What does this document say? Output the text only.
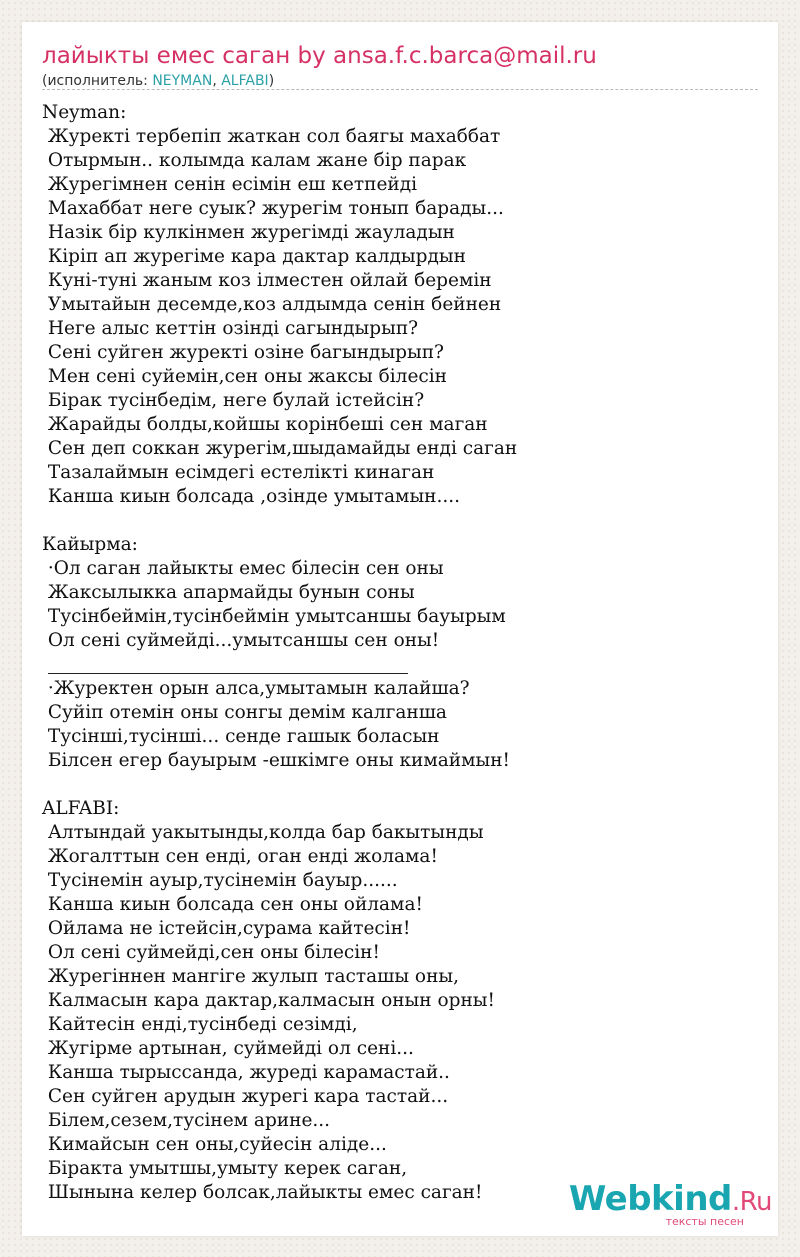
лайыкты емес саган by ansa.f.c.barca@mail.ru
(исполнитель: NEYMAN, ALFABI)
Neyman:
Журекті тербепіп жаткан сол баягы махаббат
Отырмын.. колымда калам жане бір парак
Журегімнен сенін есімін еш кетпейді
Махаббат неге суык? журегім тонып барады...
Назік бір кулкінмен журегімді жауладын
Кіріп ап журегіме кара дактар калдырдын
Куні-туні жаным коз ілместен ойлай беремін
Умытайын десемде,коз алдымда сенін бейнен
Неге алыс кеттін озінді сагындырып?
Сені суйген журекті озіне багындырып?
Мен сені суйемін,сен оны жаксы білесін
Бірак тусінбедім, неге булай істейсін?
Жарайды болды,койшы корінбеші сен маган
Сен деп соккан журегім,шыдамайды енді саган
Тазалаймын есімдегі естелікті кинаган
Канша киын болсада ,озінде умытамын....
Кайырма:
·Ол саган лайыкты емес білесін сен оны
Жаксылыкка апармайды бунын соны
Тусінбеймін,тусінбеймін умытсаншы бауырым
Ол сені суймейді...умытсаншы сен оны!
·Журектен орын алса,умытамын калайша?
Суйіп отемін оны сонгы демім калганша
Тусінші,тусінші... сенде гашык боласын
Білсен егер бауырым -ешкімге оны кимаймын!
ALFABI:
Алтындай уакытынды,колда бар бакытынды
Жогалттын сен енді, оган енді жолама!
Тусінемін ауыр,тусінемін бауыр......
Канша киын болсада сен оны ойлама!
Ойлама не істейсін,сурама кайтесін!
Ол сені суймейді,сен оны білесін!
Журегіннен мангіге жулып тасташы оны,
Калмасын кара дактар,калмасын онын орны!
Кайтесін енді,тусінбеді сезімді,
Жугірме артынан, суймейді ол сені...
Канша тырыссанда, журеді карамастай..
Сен суйген арудын журегі кара тастай...
Білем,сезем,тусінем арине...
Кимайсын сен оны,суйесін аліде...
Біракта умытшы,умыту керек саган,
Шынына келер болсак,лайыкты емес саган!	Webkind.Ru
тексты песен
